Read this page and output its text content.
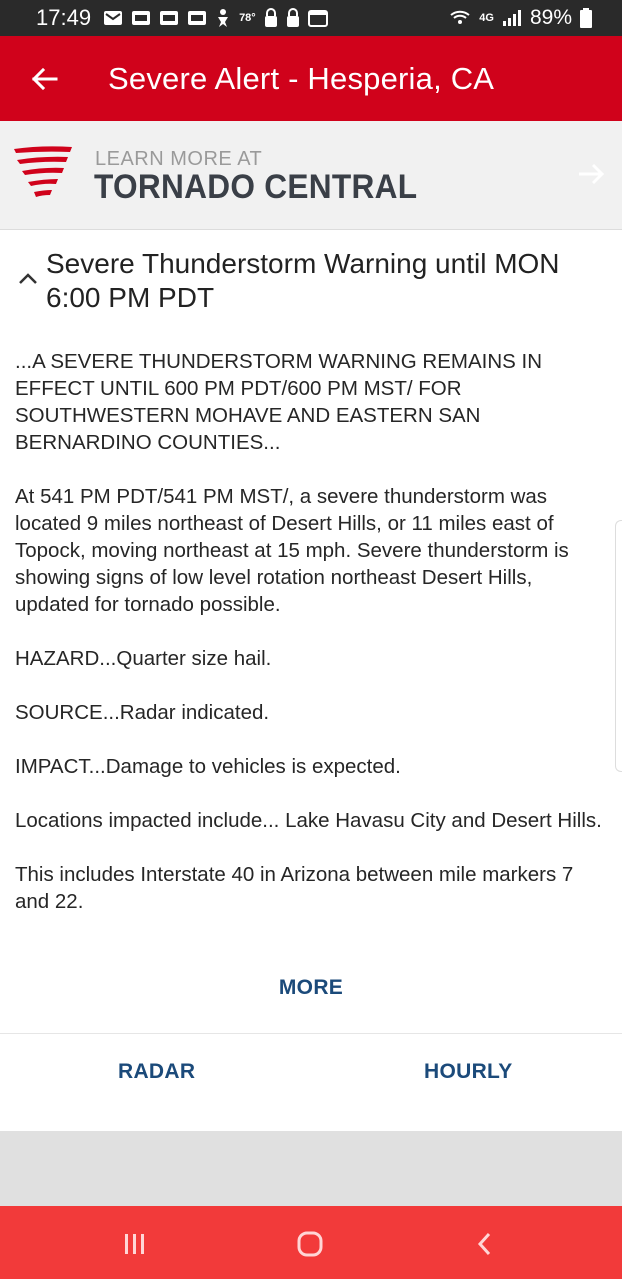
17:49	78°	4G 89%
Severe Alert - Hesperia, CA
LEARN MORE AT
TORNADO CENTRAL
Severe Thunderstorm Warning until MON 6:00 PM PDT

...A SEVERE THUNDERSTORM WARNING REMAINS IN EFFECT UNTIL 600 PM PDT/600 PM MST/ FOR SOUTHWESTERN MOHAVE AND EASTERN SAN BERNARDINO COUNTIES...

At 541 PM PDT/541 PM MST/, a severe thunderstorm was located 9 miles northeast of Desert Hills, or 11 miles east of Topock, moving northeast at 15 mph. Severe thunderstorm is showing signs of low level rotation northeast Desert Hills, updated for tornado possible.

HAZARD...Quarter size hail.

SOURCE...Radar indicated.

IMPACT...Damage to vehicles is expected.

Locations impacted include... Lake Havasu City and Desert Hills.

This includes Interstate 40 in Arizona between mile markers 7 and 22.

MORE
RADAR	HOURLY
